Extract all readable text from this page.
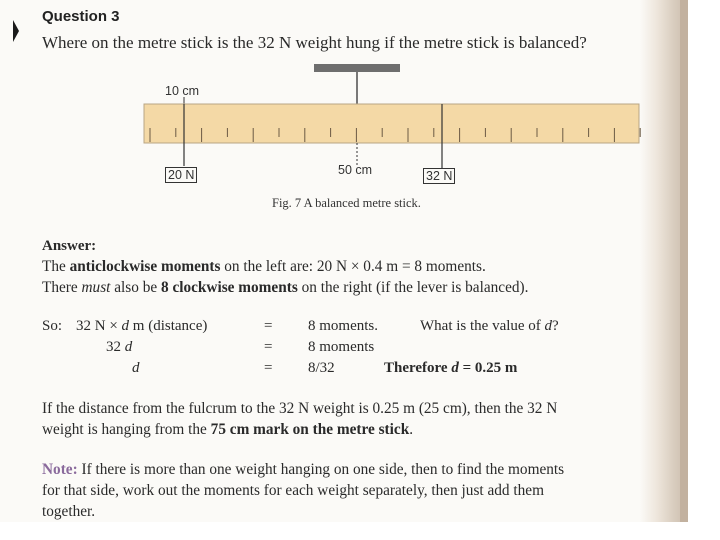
Question 3
Where on the metre stick is the 32 N weight hung if the metre stick is balanced?
10 cm
50 cm
20 N	32 N
Fig. 7 A balanced metre stick.
Answer:
The anticlockwise moments on the left are: 20 N × 0.4 m = 8 moments.
There must also be 8 clockwise moments on the right (if the lever is balanced).
So: 32 N × d m (distance)	= 8 moments.	What is the value of d?
32 d	= 8 moments
d	= 8/32	Therefore d = 0.25 m
If the distance from the fulcrum to the 32 N weight is 0.25 m (25 cm), then the 32 N
weight is hanging from the 75 cm mark on the metre stick.
Note: If there is more than one weight hanging on one side, then to find the moments
for that side, work out the moments for each weight separately, then just add them
together.
